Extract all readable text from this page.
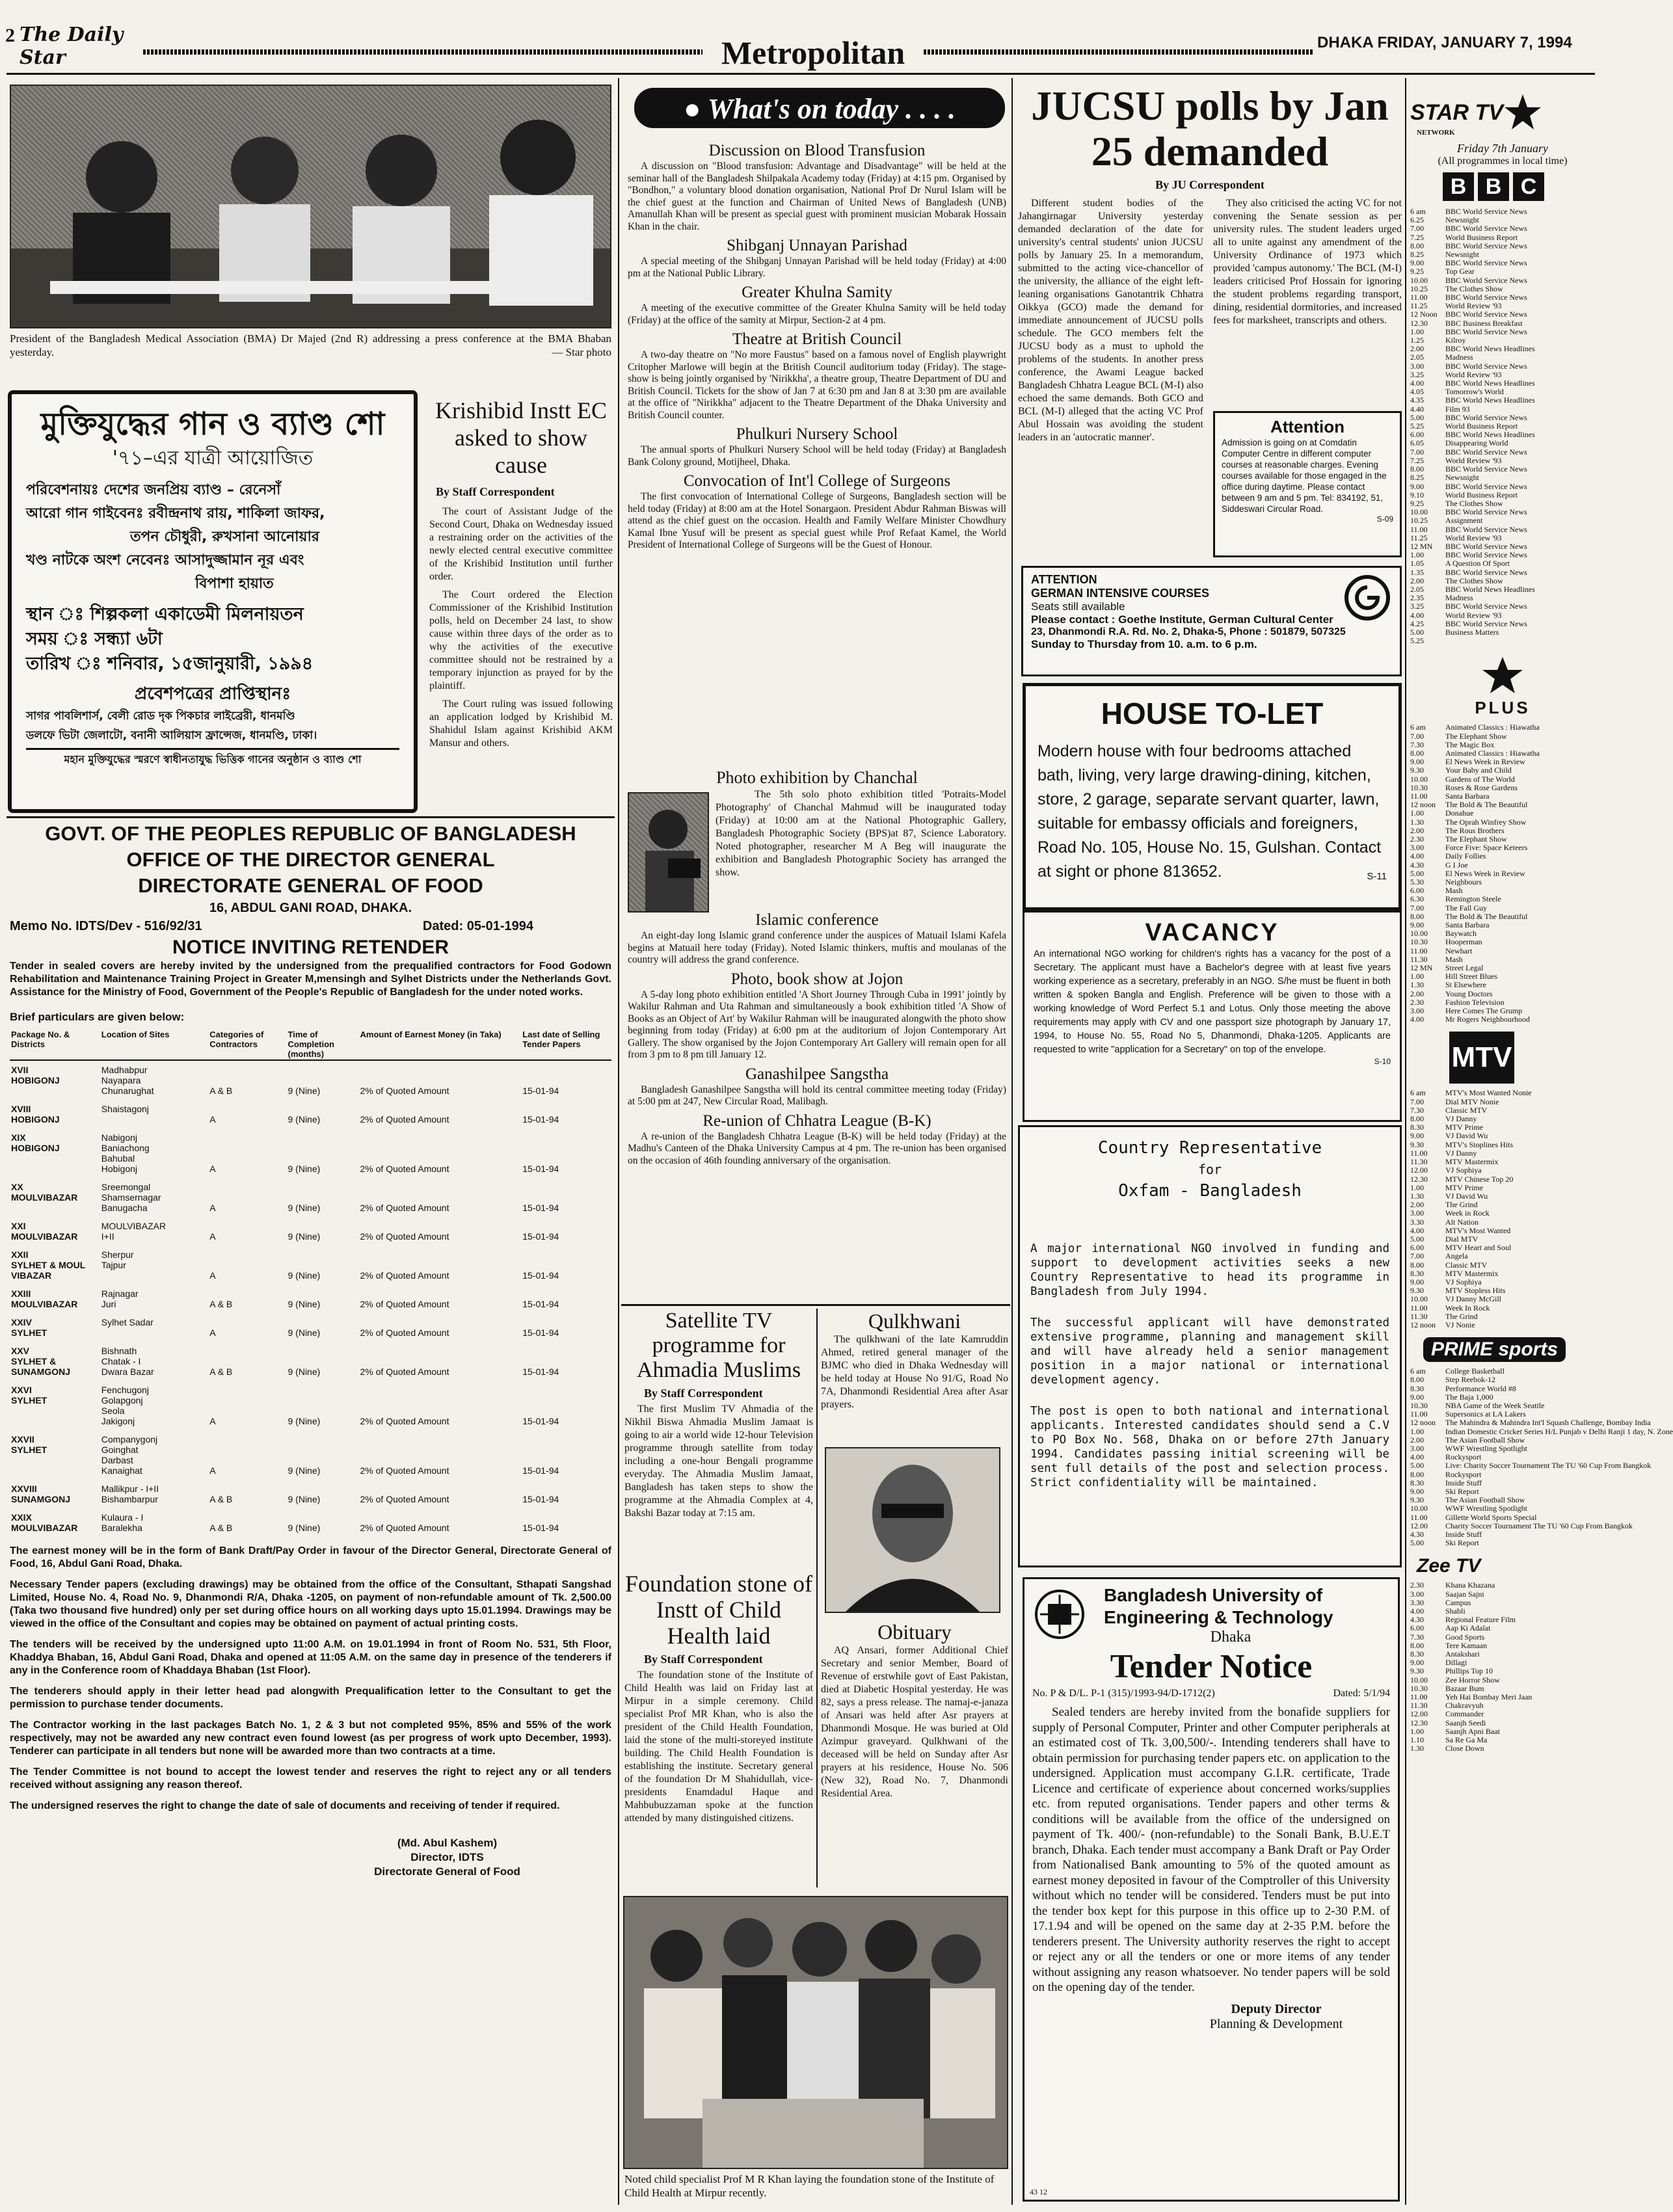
2 The Daily Star	Metropolitan	DHAKA FRIDAY, JANUARY 7, 1994
President of the Bangladesh Medical Association (BMA) Dr Majed (2nd R) addressing a press conference at the BMA Bhaban yesterday.	— Star photo
মুক্তিযুদ্ধের গান ও ব্যাণ্ড শো
'৭১–এর যাত্রী আয়োজিত
পরিবেশনায়ঃ দেশের জনপ্রিয় ব্যাণ্ড – রেনেসাঁ
আরো গান গাইবেনঃ রবীন্দ্রনাথ রায়, শাকিলা জাফর,
তপন চৌধুরী, রুখসানা আনোয়ার
খণ্ড নাটকে অংশ নেবেনঃ আসাদুজ্জামান নূর এবং
বিপাশা হায়াত
স্থান ঃ শিল্পকলা একাডেমী মিলনায়তন
সময় ঃ সন্ধ্যা ৬টা
তারিখ ঃ শনিবার, ১৫জানুয়ারী, ১৯৯৪
প্রবেশপত্রের প্রাপ্তিস্থানঃ
সাগর পাবলিশার্স, বেলী রোড দৃক পিকচার লাইব্রেরী, ধানমণ্ডি
ডলফে ভিটা জেলাটো, বনানী আলিয়াস ফ্রান্সেজ, ধানমণ্ডি, ঢাকা।
মহান মুক্তিযুদ্ধের স্মরণে স্বাধীনতাযুদ্ধ ভিত্তিক গানের অনুষ্ঠান ও ব্যাণ্ড শো
Krishibid Instt EC asked to show cause
By Staff Correspondent

The court of Assistant Judge of the Second Court, Dhaka on Wednesday issued a restraining order on the activities of the newly elected central executive committee of the Krishibid Institution until further order.

The Court ordered the Election Commissioner of the Krishibid Institution polls, held on December 24 last, to show cause within three days of the order as to why the activities of the executive committee should not be restrained by a temporary injunction as prayed for by the plaintiff.

The Court ruling was issued following an application lodged by Krishibid M. Shahidul Islam against Krishibid AKM Mansur and others.

GOVT. OF THE PEOPLES REPUBLIC OF BANGLADESH
OFFICE OF THE DIRECTOR GENERAL
DIRECTORATE GENERAL OF FOOD
16, ABDUL GANI ROAD, DHAKA.
Memo No. IDTS/Dev - 516/92/31	Dated: 05-01-1994
NOTICE INVITING RETENDER

Tender in sealed covers are hereby invited by the undersigned from the prequalified contractors for Food Godown Rehabilitation and Maintenance Training Project in Greater M,mensingh and Sylhet Districts under the Netherlands Govt. Assistance for the Ministry of Food, Government of the People's Republic of Bangladesh for the under noted works.

Brief particulars are given below:
Package No. & Districts	Location of Sites	Categories of Contractors	Time of Completion (months)	Amount of Earnest Money (in Taka)	Last date of Selling Tender Papers
XVII
HOBIGONJ	Madhabpur
Nayapara
Chunarughat	A & B	9 (Nine)	2% of Quoted Amount	15-01-94
XVIII
HOBIGONJ	Shaistagonj	A	9 (Nine)	2% of Quoted Amount	15-01-94
XIX
HOBIGONJ	Nabigonj
Baniachong
Bahubal
Hobigonj	A	9 (Nine)	2% of Quoted Amount	15-01-94
XX
MOULVIBAZAR	Sreemongal
Shamsernagar
Banugacha	A	9 (Nine)	2% of Quoted Amount	15-01-94
XXI
MOULVIBAZAR	MOULVIBAZAR
I+II	A	9 (Nine)	2% of Quoted Amount	15-01-94
XXII
SYLHET & MOUL
VIBAZAR	Sherpur
Tajpur	A	9 (Nine)	2% of Quoted Amount	15-01-94
XXIII
MOULVIBAZAR	Rajnagar
Juri	A & B	9 (Nine)	2% of Quoted Amount	15-01-94
XXIV
SYLHET	Sylhet Sadar	A	9 (Nine)	2% of Quoted Amount	15-01-94
XXV
SYLHET &
SUNAMGONJ	Bishnath
Chatak - I
Dwara Bazar	A & B	9 (Nine)	2% of Quoted Amount	15-01-94
XXVI
SYLHET	Fenchugonj
Golapgonj
Seola
Jakigonj	A	9 (Nine)	2% of Quoted Amount	15-01-94
XXVII
SYLHET	Companygonj
Goinghat
Darbast
Kanaighat	A	9 (Nine)	2% of Quoted Amount	15-01-94
XXVIII
SUNAMGONJ	Mallikpur - I+II
Bishambarpur	A & B	9 (Nine)	2% of Quoted Amount	15-01-94
XXIX
MOULVIBAZAR	Kulaura - I
Baralekha	A & B	9 (Nine)	2% of Quoted Amount	15-01-94

The earnest money will be in the form of Bank Draft/Pay Order in favour of the Director General, Directorate General of Food, 16, Abdul Gani Road, Dhaka.

Necessary Tender papers (excluding drawings) may be obtained from the office of the Consultant, Sthapati Sangshad Limited, House No. 4, Road No. 9, Dhanmondi R/A, Dhaka -1205, on payment of non-refundable amount of Tk. 2,500.00 (Taka two thousand five hundred) only per set during office hours on all working days upto 15.01.1994. Drawings may be viewed in the office of the Consultant and copies may be obtained on payment of actual printing costs.

The tenders will be received by the undersigned upto 11:00 A.M. on 19.01.1994 in front of Room No. 531, 5th Floor, Khaddya Bhaban, 16, Abdul Gani Road, Dhaka and opened at 11:05 A.M. on the same day in presence of the tenderers if any in the Conference room of Khaddaya Bhaban (1st Floor).

The tenderers should apply in their letter head pad alongwith Prequalification letter to the Consultant to get the permission to purchase tender documents.

The Contractor working in the last packages Batch No. 1, 2 & 3 but not completed 95%, 85% and 55% of the work respectively, may not be awarded any new contract even found lowest (as per progress of work upto December, 1993). Tenderer can participate in all tenders but none will be awarded more than two contracts at a time.

The Tender Committee is not bound to accept the lowest tender and reserves the right to reject any or all tenders received without assigning any reason thereof.

The undersigned reserves the right to change the date of sale of documents and receiving of tender if required.

(Md. Abul Kashem)
Director, IDTS
Directorate General of Food
● What's on today . . . .
Discussion on Blood Transfusion

A discussion on "Blood transfusion: Advantage and Disadvantage" will be held at the seminar hall of the Bangladesh Shilpakala Academy today (Friday) at 4:15 pm. Organised by "Bondhon," a voluntary blood donation organisation, National Prof Dr Nurul Islam will be the chief guest at the function and Chairman of United News of Bangladesh (UNB) Amanullah Khan will be present as special guest with prominent musician Mobarak Hossain Khan in the chair.

Shibganj Unnayan Parishad

A special meeting of the Shibganj Unnayan Parishad will be held today (Friday) at 4:00 pm at the National Public Library.

Greater Khulna Samity

A meeting of the executive committee of the Greater Khulna Samity will be held today (Friday) at the office of the samity at Mirpur, Section-2 at 4 pm.

Theatre at British Council

A two-day theatre on "No more Faustus" based on a famous novel of English playwright Critopher Marlowe will begin at the British Council auditorium today (Friday). The stage-show is being jointly organised by 'Nirikkha', a theatre group, Theatre Department of DU and British Council. Tickets for the show of Jan 7 at 6:30 pm and Jan 8 at 3:30 pm are available at the office of "Nirikkha" adjacent to the Theatre Department of the Dhaka University and British Council counter.

Phulkuri Nursery School

The annual sports of Phulkuri Nursery School will be held today (Friday) at Bangladesh Bank Colony ground, Motijheel, Dhaka.

Convocation of Int'l College of Surgeons

The first convocation of International College of Surgeons, Bangladesh section will be held today (Friday) at 8:00 am at the Hotel Sonargaon. President Abdur Rahman Biswas will attend as the chief guest on the occasion. Health and Family Welfare Minister Chowdhury Kamal Ibne Yusuf will be present as special guest while Prof Refaat Kamel, the World President of International College of Surgeons will be the Guest of Honour.

Photo exhibition by Chanchal

The 5th solo photo exhibition titled 'Potraits-Model Photography' of Chanchal Mahmud will be inaugurated today (Friday) at 10:00 am at the National Photographic Gallery, Bangladesh Photographic Society (BPS)at 87, Science Laboratory. Noted photographer, researcher M A Beg will inaugurate the exhibition and Bangladesh Photographic Society has arranged the show.

Islamic conference

An eight-day long Islamic grand conference under the auspices of Matuail Islami Kafela begins at Matuail here today (Friday). Noted Islamic thinkers, muftis and moulanas of the country will address the grand conference.

Photo, book show at Jojon

A 5-day long photo exhibition entitled 'A Short Journey Through Cuba in 1991' jointly by Wakilur Rahman and Uta Rahman and simultaneously a book exhibition titled 'A Show of Books as an Object of Art' by Wakilur Rahman will be inaugurated alongwith the photo show beginning from today (Friday) at 6:00 pm at the auditorium of Jojon Contemporary Art Gallery. The show organised by the Jojon Contemporary Art Gallery will remain open for all from 3 pm to 8 pm till January 12.

Ganashilpee Sangstha

Bangladesh Ganashilpee Sangstha will hold its central committee meeting today (Friday) at 5:00 pm at 247, New Circular Road, Malibagh.

Re-union of Chhatra League (B-K)

A re-union of the Bangladesh Chhatra League (B-K) will be held today (Friday) at the Madhu's Canteen of the Dhaka University Campus at 4 pm. The re-union has been organised on the occasion of 46th founding anniversary of the organisation.

Satellite TV programme for Ahmadia Muslims
By Staff Correspondent

The first Muslim TV Ahmadia of the Nikhil Biswa Ahmadia Muslim Jamaat is going to air a world wide 12-hour Television programme through satellite from today including a one-hour Bengali programme everyday. The Ahmadia Muslim Jamaat, Bangladesh has taken steps to show the programme at the Ahmadia Complex at 4, Bakshi Bazar today at 7:15 am.

Foundation stone of Instt of Child Health laid
By Staff Correspondent

The foundation stone of the Institute of Child Health was laid on Friday last at Mirpur in a simple ceremony. Child specialist Prof MR Khan, who is also the president of the Child Health Foundation, laid the stone of the multi-storeyed institute building. The Child Health Foundation is establishing the institute. Secretary general of the foundation Dr M Shahidullah, vice-presidents Enamdadul Haque and Mahbubuzzaman spoke at the function attended by many distinguished citizens.

Qulkhwani

The qulkhwani of the late Kamruddin Ahmed, retired general manager of the BJMC who died in Dhaka Wednesday will be held today at House No 91/G, Road No 7A, Dhanmondi Residential Area after Asar prayers.

Obituary

AQ Ansari, former Additional Chief Secretary and senior Member, Board of Revenue of erstwhile govt of East Pakistan, died at Diabetic Hospital yesterday. He was 82, says a press release. The namaj-e-janaza of Ansari was held after Asr prayers at Dhanmondi Mosque. He was buried at Old Azimpur graveyard. Qulkhwani of the deceased will be held on Sunday after Asr prayers at his residence, House No. 506 (New 32), Road No. 7, Dhanmondi Residential Area.

Noted child specialist Prof M R Khan laying the foundation stone of the Institute of Child Health at Mirpur recently.
JUCSU polls by Jan 25 demanded
By JU Correspondent

Different student bodies of the Jahangirnagar University yesterday demanded declaration of the date for university's central students' union JUCSU polls by January 25. In a memorandum, submitted to the acting vice-chancellor of the university, the alliance of the eight left-leaning organisations Ganotantrik Chhatra Oikkya (GCO) made the demand for immediate announcement of JUCSU polls schedule. The GCO members felt the JUCSU body as a must to uphold the problems of the students. In another press conference, the Awami League backed Bangladesh Chhatra League BCL (M-I) also echoed the same demands. Both GCO and BCL (M-I) alleged that the acting VC Prof Abul Hossain was avoiding the student leaders in an 'autocratic manner'.

They also criticised the acting VC for not convening the Senate session as per university rules. The student leaders urged all to unite against any amendment of the University Ordinance of 1973 which provided 'campus autonomy.' The BCL (M-I) leaders criticised Prof Hossain for ignoring the student problems regarding transport, dining, residential dormitories, and increased fees for marksheet, transcripts and others.

Attention

Admission is going on at Comdatin Computer Centre in different computer courses at reasonable charges. Evening courses available for those engaged in the office during daytime. Please contact between 9 am and 5 pm. Tel: 834192, 51, Siddeswari Circular Road.

S-09
ATTENTION
GERMAN INTENSIVE COURSES
Seats still available
Please contact : Goethe Institute, German Cultural Center
23, Dhanmondi R.A. Rd. No. 2, Dhaka-5, Phone : 501879, 507325
Sunday to Thursday from 10. a.m. to 6 p.m.
HOUSE TO-LET

Modern house with four bedrooms attached bath, living, very large drawing-dining, kitchen, store, 2 garage, separate servant quarter, lawn, suitable for embassy officials and foreigners, Road No. 105, House No. 15, Gulshan. Contact at sight or phone 813652.	S-11
VACANCY

An international NGO working for children's rights has a vacancy for the post of a Secretary. The applicant must have a Bachelor's degree with at least five years working experience as a secretary, preferably in an NGO. S/he must be fluent in both written & spoken Bangla and English. Preference will be given to those with a working knowledge of Word Perfect 5.1 and Lotus. Only those meeting the above requirements may apply with CV and one passport size photograph by January 17, 1994, to House No. 55, Road No 5, Dhanmondi, Dhaka-1205. Applicants are requested to write "application for a Secretary" on top of the envelope.

S-10
Country Representative
for
Oxfam - Bangladesh

A major international NGO involved in funding and support to development activities seeks a new Country Representative to head its programme in Bangladesh from July 1994.

The successful applicant will have demonstrated extensive programme, planning and management skill and will have already held a senior management position in a major national or international development agency.

The post is open to both national and international applicants. Interested candidates should send a C.V to PO Box No. 568, Dhaka on or before 27th January 1994. Candidates passing initial screening will be sent full details of the post and selection process. Strict confidentiality will be maintained.

Bangladesh University of Engineering & Technology
Dhaka
Tender Notice
No. P & D/L. P-1 (315)/1993-94/D-1712(2)	Dated: 5/1/94

Sealed tenders are hereby invited from the bonafide suppliers for supply of Personal Computer, Printer and other Computer peripherals at an estimated cost of Tk. 3,00,500/-. Intending tenderers shall have to obtain permission for purchasing tender papers etc. on application to the undersigned. Application must accompany G.I.R. certificate, Trade Licence and certificate of experience about concerned works/supplies etc. from reputed organisations. Tender papers and other terms & conditions will be available from the office of the undersigned on payment of Tk. 400/- (non-refundable) to the Sonali Bank, B.U.E.T branch, Dhaka. Each tender must accompany a Bank Draft or Pay Order from Nationalised Bank amounting to 5% of the quoted amount as earnest money deposited in favour of the Comptroller of this University without which no tender will be considered. Tenders must be put into the tender box kept for this purpose in this office up to 2-30 P.M. of 17.1.94 and will be opened on the same day at 2-35 P.M. before the tenderers present. The University authority reserves the right to accept or reject any or all the tenders or one or more items of any tender without assigning any reason whatsoever. No tender papers will be sold on the opening day of the tender.

Deputy Director
Planning & Development
43 12
STAR TV
NETWORK
Friday 7th January
(All programmes in local time)
B B C
6 am	BBC World Service News
6.25	Newsnight
7.00	BBC World Service News
7.25	World Business Report
8.00	BBC World Service News
8.25	Newsnight
9.00	BBC World Service News
9.25	Top Gear
10.00	BBC World Service News
10.25	The Clothes Show
11.00	BBC World Service News
11.25	World Review '93
12 Noon	BBC World Service News
12.30	BBC Business Breakfast
1.00	BBC World Service News
1.25	Kilroy
2.00	BBC World News Headlines
2.05	Madness
3.00	BBC World Service News
3.25	World Review '93
4.00	BBC World News Headlines
4.05	Tomorrow's World
4.35	BBC World News Headlines
4.40	Film 93
5.00	BBC World Service News
5.25	World Business Report
6.00	BBC World News Headlines
6.05	Disappearing World
7.00	BBC World Service News
7.25	World Review '93
8.00	BBC World Service News
8.25	Newsnight
9.00	BBC World Service News
9.10	World Business Report
9.25	The Clothes Show
10.00	BBC World Service News
10.25	Assignment
11.00	BBC World Service News
11.25	World Review '93
12 MN	BBC World Service News
1.00	BBC World Service News
1.05	A Question Of Sport
1.35	BBC World Service News
2.00	The Clothes Show
2.05	BBC World News Headlines
2.35	Madness
3.25	BBC World Service News
4.00	World Review '93
4.25	BBC World Service News
5.00	Business Matters
5.25
PLUS
6 am	Animated Classics : Hiawatha
7.00	The Elephant Show
7.30	The Magic Box
8.00	Animated Classics : Hiawatha
9.00	El News Week in Review
9.30	Your Baby and Child
10.00	Gardens of The World
10.30	Roses & Rose Gardens
11.00	Santa Barbara
12 noon	The Bold & The Beautiful
1.00	Donahue
1.30	The Oprah Winfrey Show
2.00	The Rous Brothers
2.30	The Elephant Show
3.00	Force Five: Space Keteers
4.00	Daily Follies
4.30	G I Joe
5.00	El News Week in Review
5.30	Neighbours
6.00	Mash
6.30	Remington Steele
7.00	The Fall Guy
8.00	The Bold & The Beautiful
9.00	Santa Barbara
10.00	Baywatch
10.30	Hooperman
11.00	Newhart
11.30	Mash
12 MN	Street Legal
1.00	Hill Street Blues
1.30	St Elsewhere
2.00	Young Doctors
2.30	Fashion Television
3.00	Here Comes The Grump
4.00	Mr Rogers Neighbourhood
MTV
6 am	MTV's Most Wanted Nonie
7.00	Dial MTV Nonie
7.30	Classic MTV
8.00	VJ Danny
8.30	MTV Prime
9.00	VJ David Wu
9.30	MTV's Stoplines Hits
11.00	VJ Danny
11.30	MTV Mastermix
12.00	VJ Sophiya
12.30	MTV Chinese Top 20
1.00	MTV Prime
1.30	VJ David Wu
2.00	The Grind
3.00	Week in Rock
3.30	Alt Nation
4.00	MTV's Most Wanted
5.00	Dial MTV
6.00	MTV Heart and Soul
7.00	Angela
8.00	Classic MTV
8.30	MTV Mastermix
9.00	VJ Sophiya
9.30	MTV Stopless Hits
10.00	VJ Danny McGill
11.00	Week In Rock
11.30	The Grind
12 noon	VJ Nonie
PRIME sports
6 am	College Basketball
8.00	Step Reebok-12
8.30	Performance World #8
9.00	The Baja 1,000
10.30	NBA Game of the Week Seattle
11.00	Supersonics at LA Lakers
12 noon	The Mahindra & Mahindra Int'l Squash Challenge, Bombay India
1.00	Indian Domestic Cricket Series H/L Punjab v Delhi Ranji 1 day, N. Zone
2.00	The Asian Football Show
3.00	WWF Wrestling Spotlight
4.00	Rockysport
5.00	Live: Charity Soccer Tournament The TU '60 Cup From Bangkok
8.00	Rockysport
8.30	Inside Stuff
9.00	Ski Report
9.30	The Asian Football Show
10.00	WWF Wrestling Spotlight
11.00	Gillette World Sports Special
12.00	Charity Soccer Tournament The TU '60 Cup From Bangkok
4.30	Inside Stuff
5.00	Ski Report
Zee TV
2.30	Khana Khazana
3.00	Saajan Sajni
3.30	Campus
4.00	Shabli
4.30	Regional Feature Film
6.00	Aap Ki Adalat
7.30	Good Sports
8.00	Tere Kamaan
8.30	Antakshari
9.00	Dillagi
9.30	Phillips Top 10
10.00	Zee Horror Show
10.30	Bazaar Bum
11.00	Yeh Hai Bombay Meri Jaan
11.30	Chakravyuh
12.00	Commander
12.30	Saanjh Seedi
1.00	Saanjh Apni Baat
1.10	Sa Re Ga Ma
1.30	Close Down
